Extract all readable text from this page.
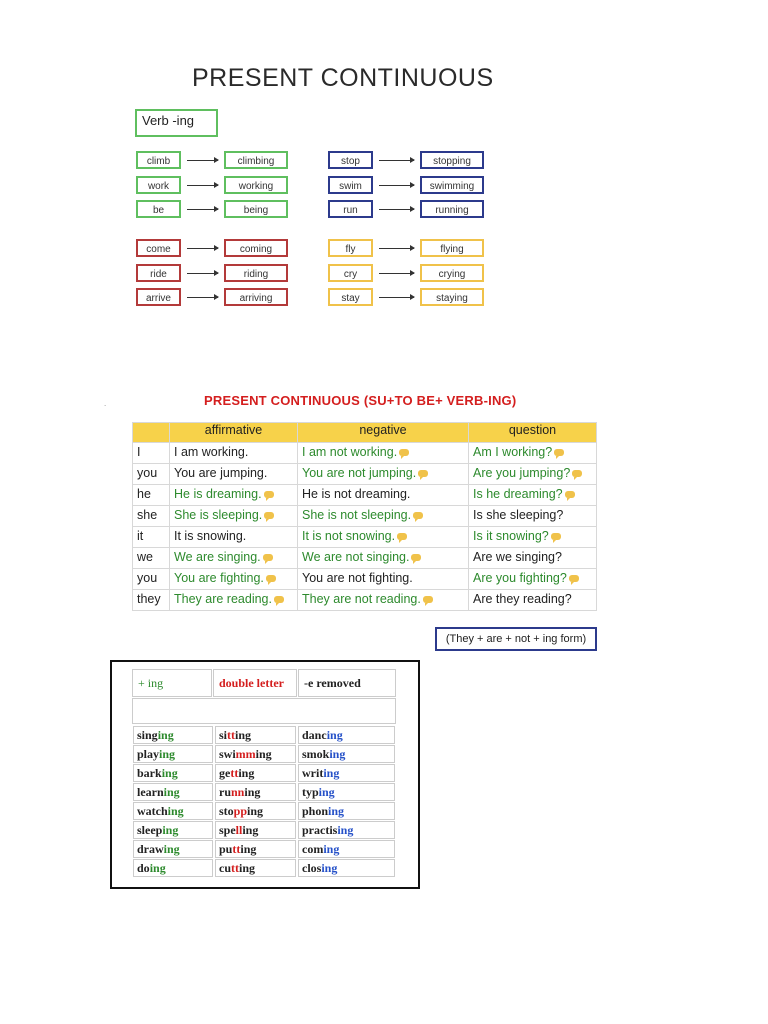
PRESENT CONTINUOUS
Verb -ing
climb	climbing
work	working
be	being
stop	stopping
swim	swimming
run	running
come	coming
ride	riding
arrive	arriving
fly	flying
cry	crying
stay	staying
.	PRESENT CONTINUOUS (SU+TO BE+ VERB-ING)
	affirmative	negative	question
I	I am working.	I am not working.	Am I working?
you	You are jumping.	You are not jumping.	Are you jumping?
he	He is dreaming.	He is not dreaming.	Is he dreaming?
she	She is sleeping.	She is not sleeping.	Is she sleeping?
it	It is snowing.	It is not snowing.	Is it snowing?
we	We are singing.	We are not singing.	Are we singing?
you	You are fighting.	You are not fighting.	Are you fighting?
they	They are reading.	They are not reading.	Are they reading?
(They + are + not + ing form)
+ ing	double letter	-e removed
singing	sitting	dancing
playing	swimming	smoking
barking	getting	writing
learning	running	typing
watching	stopping	phoning
sleeping	spelling	practising
drawing	putting	coming
doing	cutting	closing
